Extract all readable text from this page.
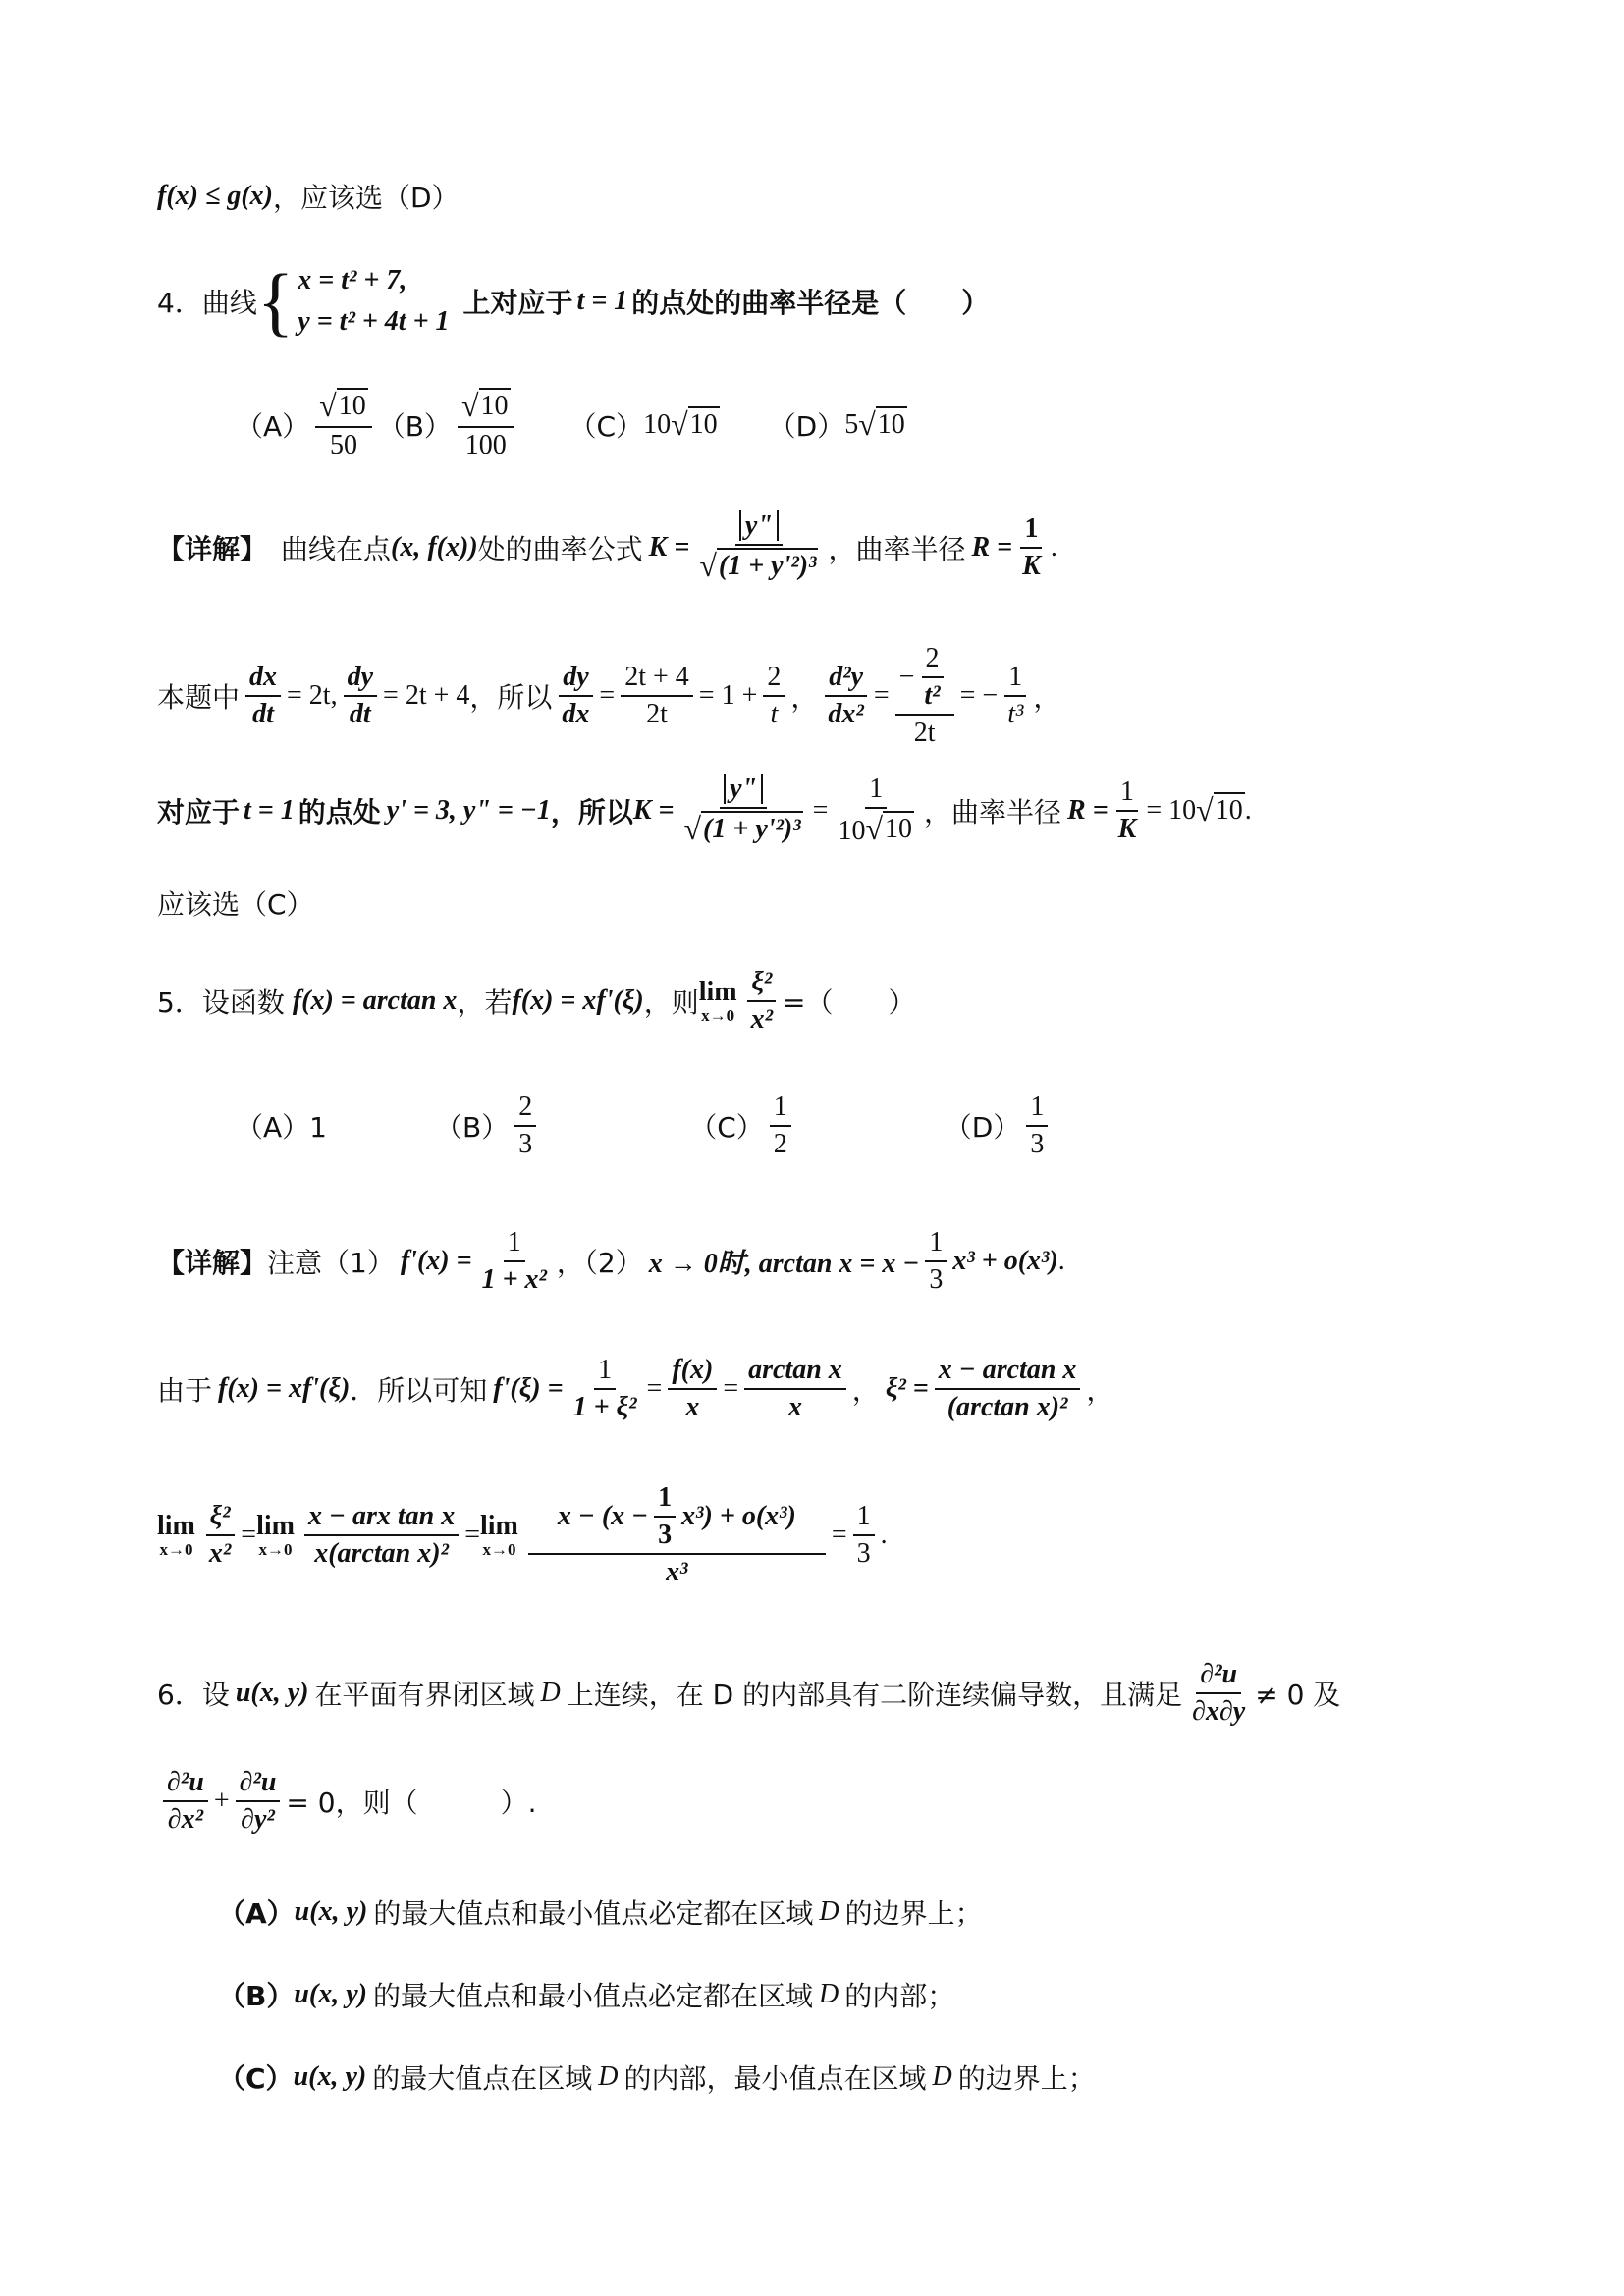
f(x) ≤ g(x) ，应该选（D）
4．曲线 { x = t² + 7,
y = t² + 4t + 1
上对应于 t = 1 的点处的曲率半径是（　　）
$(A) \frac{√ 10}{50} (B) \frac{√ 10}{100} (C)$ 10 √ 10 （D） 5 √ 10
【详解】 曲线在点 (x, f(x)) 处的曲率公式 $K = \frac{y"}{\text{√ (1 + y'²)³}}$ ，曲率半径 $R = \frac{1}{K}$ .
本题中 $\frac{dx}{dt} = 2t$, $\frac{dy}{dt} = 2t + 4$ ，所以 $\frac{dy}{dx} = \frac{2t + 4}{2t} = 1 + \frac{2}{t}$ ， $\frac{\text{d²y}}{\text{dx²}} = \frac{- \frac{2}{\text{t²}}}{2t}$ = − $\frac{1}{\text{t³}}$ ，
对应于 t = 1 的点处 y' = 3, y" = −1 ，所以 $K = \frac{y"}{\text{√ (1 + y'²)³}} = \frac{1}{10 √ 10}$ ，曲率半径 $R = \frac{1}{K} = 10$ √ 10 .
应该选（C）
5．设函数 f(x) = arctan x ，若 f(x) = xf'(ξ) ，则 lim
$x\to 0 \frac{\text{ξ²}}{\text{x²}}$ =（　　）
（A）1	$(B) \frac{2}{3}$	$(C) \frac{1}{2}$	$(D) \frac{1}{3}$
【详解】 注意（1） $f'(x) = \frac{1}{\text{1 + x²}}$ ，（2） x → 0时, $\arctan x = x - \frac{1}{3} x^3 + o(x^3)$ .
由于 f(x) = xf'(ξ) ．所以可知 $f'(\xi) = \frac{1}{\text{1 + ξ²}} = \frac{f(x)}{x} = \frac{\text{arctan x}}{x}$ ， $\xi^2 = \frac{\text{x − arctan x}}{\text{(arctan x)²}}$ ，
lim
$x\to 0 \frac{\text{ξ²}}{\text{x²}} = \lim$
$x\to 0 \frac{\text{x − arx tan x}}{\text{x(arctan x)²}} = \lim$
$x\to 0 \frac{x - (x - \frac{1}{3} x^3) + o(x^3)}{\text{x³}} = \frac{1}{3}$ .
6．设 u(x, y) 在平面有界闭区域 D 上连续，在 D 的内部具有二阶连续偏导数，且满足 $\frac{\text{∂²u}}{\partial x\partial y} \ne 0$ 及
$\frac{\text{∂²u}}{\text{∂x²}} + \frac{\text{∂²u}}{\text{∂y²}} = 0$，则（　　　）.
（A） u(x, y) 的最大值点和最小值点必定都在区域 D 的边界上；
（B） u(x, y) 的最大值点和最小值点必定都在区域 D 的内部；
（C） u(x, y) 的最大值点在区域 D 的内部，最小值点在区域 D 的边界上；
